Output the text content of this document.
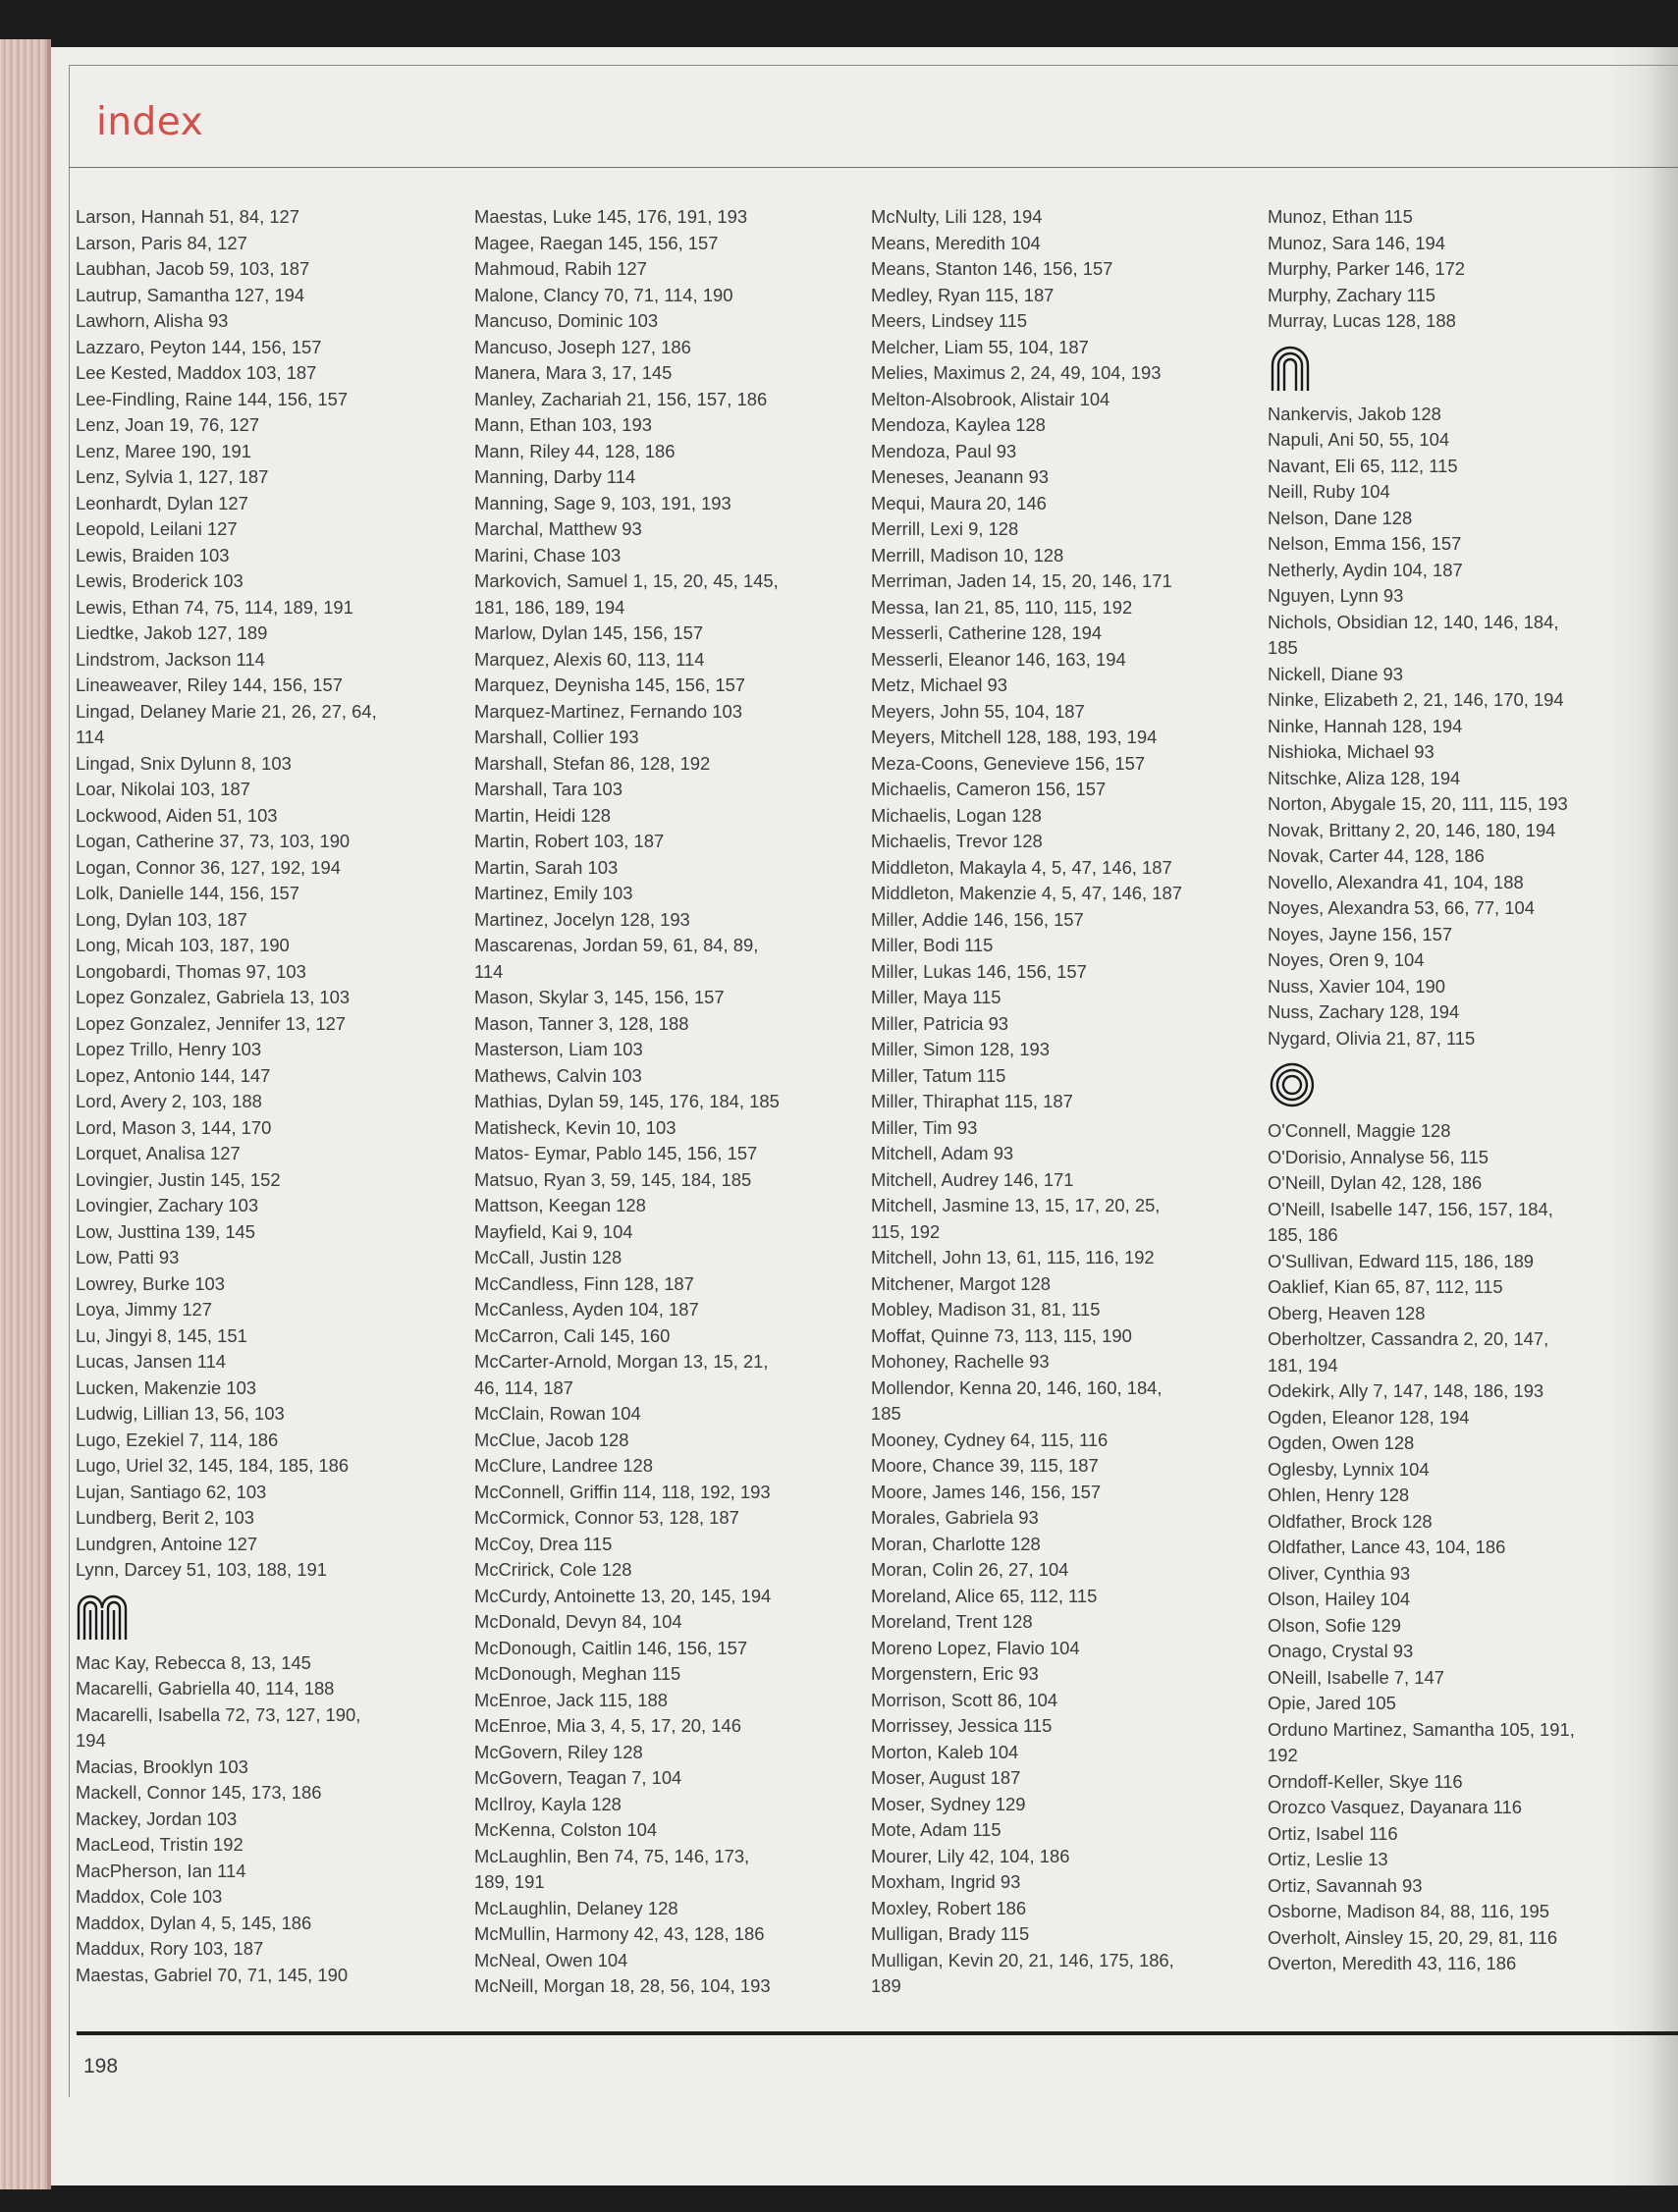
index
Larson, Hannah 51, 84, 127
Larson, Paris 84, 127
Laubhan, Jacob 59, 103, 187
Lautrup, Samantha 127, 194
Lawhorn, Alisha 93
Lazzaro, Peyton 144, 156, 157
Lee Kested, Maddox 103, 187
Lee-Findling, Raine 144, 156, 157
Lenz, Joan 19, 76, 127
Lenz, Maree 190, 191
Lenz, Sylvia 1, 127, 187
Leonhardt, Dylan 127
Leopold, Leilani 127
Lewis, Braiden 103
Lewis, Broderick 103
Lewis, Ethan 74, 75, 114, 189, 191
Liedtke, Jakob 127, 189
Lindstrom, Jackson 114
Lineaweaver, Riley 144, 156, 157
Lingad, Delaney Marie 21, 26, 27, 64,
114
Lingad, Snix Dylunn 8, 103
Loar, Nikolai 103, 187
Lockwood, Aiden 51, 103
Logan, Catherine 37, 73, 103, 190
Logan, Connor 36, 127, 192, 194
Lolk, Danielle 144, 156, 157
Long, Dylan 103, 187
Long, Micah 103, 187, 190
Longobardi, Thomas 97, 103
Lopez Gonzalez, Gabriela 13, 103
Lopez Gonzalez, Jennifer 13, 127
Lopez Trillo, Henry 103
Lopez, Antonio 144, 147
Lord, Avery 2, 103, 188
Lord, Mason 3, 144, 170
Lorquet, Analisa 127
Lovingier, Justin 145, 152
Lovingier, Zachary 103
Low, Justtina 139, 145
Low, Patti 93
Lowrey, Burke 103
Loya, Jimmy 127
Lu, Jingyi 8, 145, 151
Lucas, Jansen 114
Lucken, Makenzie 103
Ludwig, Lillian 13, 56, 103
Lugo, Ezekiel 7, 114, 186
Lugo, Uriel 32, 145, 184, 185, 186
Lujan, Santiago 62, 103
Lundberg, Berit 2, 103
Lundgren, Antoine 127
Lynn, Darcey 51, 103, 188, 191
Mac Kay, Rebecca 8, 13, 145
Macarelli, Gabriella 40, 114, 188
Macarelli, Isabella 72, 73, 127, 190,
194
Macias, Brooklyn 103
Mackell, Connor 145, 173, 186
Mackey, Jordan 103
MacLeod, Tristin 192
MacPherson, Ian 114
Maddox, Cole 103
Maddox, Dylan 4, 5, 145, 186
Maddux, Rory 103, 187
Maestas, Gabriel 70, 71, 145, 190
Maestas, Luke 145, 176, 191, 193
Magee, Raegan 145, 156, 157
Mahmoud, Rabih 127
Malone, Clancy 70, 71, 114, 190
Mancuso, Dominic 103
Mancuso, Joseph 127, 186
Manera, Mara 3, 17, 145
Manley, Zachariah 21, 156, 157, 186
Mann, Ethan 103, 193
Mann, Riley 44, 128, 186
Manning, Darby 114
Manning, Sage 9, 103, 191, 193
Marchal, Matthew 93
Marini, Chase 103
Markovich, Samuel 1, 15, 20, 45, 145,
181, 186, 189, 194
Marlow, Dylan 145, 156, 157
Marquez, Alexis 60, 113, 114
Marquez, Deynisha 145, 156, 157
Marquez-Martinez, Fernando 103
Marshall, Collier 193
Marshall, Stefan 86, 128, 192
Marshall, Tara 103
Martin, Heidi 128
Martin, Robert 103, 187
Martin, Sarah 103
Martinez, Emily 103
Martinez, Jocelyn 128, 193
Mascarenas, Jordan 59, 61, 84, 89,
114
Mason, Skylar 3, 145, 156, 157
Mason, Tanner 3, 128, 188
Masterson, Liam 103
Mathews, Calvin 103
Mathias, Dylan 59, 145, 176, 184, 185
Matisheck, Kevin 10, 103
Matos- Eymar, Pablo 145, 156, 157
Matsuo, Ryan 3, 59, 145, 184, 185
Mattson, Keegan 128
Mayfield, Kai 9, 104
McCall, Justin 128
McCandless, Finn 128, 187
McCanless, Ayden 104, 187
McCarron, Cali 145, 160
McCarter-Arnold, Morgan 13, 15, 21,
46, 114, 187
McClain, Rowan 104
McClue, Jacob 128
McClure, Landree 128
McConnell, Griffin 114, 118, 192, 193
McCormick, Connor 53, 128, 187
McCoy, Drea 115
McCririck, Cole 128
McCurdy, Antoinette 13, 20, 145, 194
McDonald, Devyn 84, 104
McDonough, Caitlin 146, 156, 157
McDonough, Meghan 115
McEnroe, Jack 115, 188
McEnroe, Mia 3, 4, 5, 17, 20, 146
McGovern, Riley 128
McGovern, Teagan 7, 104
McIlroy, Kayla 128
McKenna, Colston 104
McLaughlin, Ben 74, 75, 146, 173,
189, 191
McLaughlin, Delaney 128
McMullin, Harmony 42, 43, 128, 186
McNeal, Owen 104
McNeill, Morgan 18, 28, 56, 104, 193
McNulty, Lili 128, 194
Means, Meredith 104
Means, Stanton 146, 156, 157
Medley, Ryan 115, 187
Meers, Lindsey 115
Melcher, Liam 55, 104, 187
Melies, Maximus 2, 24, 49, 104, 193
Melton-Alsobrook, Alistair 104
Mendoza, Kaylea 128
Mendoza, Paul 93
Meneses, Jeanann 93
Mequi, Maura 20, 146
Merrill, Lexi 9, 128
Merrill, Madison 10, 128
Merriman, Jaden 14, 15, 20, 146, 171
Messa, Ian 21, 85, 110, 115, 192
Messerli, Catherine 128, 194
Messerli, Eleanor 146, 163, 194
Metz, Michael 93
Meyers, John 55, 104, 187
Meyers, Mitchell 128, 188, 193, 194
Meza-Coons, Genevieve 156, 157
Michaelis, Cameron 156, 157
Michaelis, Logan 128
Michaelis, Trevor 128
Middleton, Makayla 4, 5, 47, 146, 187
Middleton, Makenzie 4, 5, 47, 146, 187
Miller, Addie 146, 156, 157
Miller, Bodi 115
Miller, Lukas 146, 156, 157
Miller, Maya 115
Miller, Patricia 93
Miller, Simon 128, 193
Miller, Tatum 115
Miller, Thiraphat 115, 187
Miller, Tim 93
Mitchell, Adam 93
Mitchell, Audrey 146, 171
Mitchell, Jasmine 13, 15, 17, 20, 25,
115, 192
Mitchell, John 13, 61, 115, 116, 192
Mitchener, Margot 128
Mobley, Madison 31, 81, 115
Moffat, Quinne 73, 113, 115, 190
Mohoney, Rachelle 93
Mollendor, Kenna 20, 146, 160, 184,
185
Mooney, Cydney 64, 115, 116
Moore, Chance 39, 115, 187
Moore, James 146, 156, 157
Morales, Gabriela 93
Moran, Charlotte 128
Moran, Colin 26, 27, 104
Moreland, Alice 65, 112, 115
Moreland, Trent 128
Moreno Lopez, Flavio 104
Morgenstern, Eric 93
Morrison, Scott 86, 104
Morrissey, Jessica 115
Morton, Kaleb 104
Moser, August 187
Moser, Sydney 129
Mote, Adam 115
Mourer, Lily 42, 104, 186
Moxham, Ingrid 93
Moxley, Robert 186
Mulligan, Brady 115
Mulligan, Kevin 20, 21, 146, 175, 186,
189
Munoz, Ethan 115
Munoz, Sara 146, 194
Murphy, Parker 146, 172
Murphy, Zachary 115
Murray, Lucas 128, 188
Nankervis, Jakob 128
Napuli, Ani 50, 55, 104
Navant, Eli 65, 112, 115
Neill, Ruby 104
Nelson, Dane 128
Nelson, Emma 156, 157
Netherly, Aydin 104, 187
Nguyen, Lynn 93
Nichols, Obsidian 12, 140, 146, 184,
185
Nickell, Diane 93
Ninke, Elizabeth 2, 21, 146, 170, 194
Ninke, Hannah 128, 194
Nishioka, Michael 93
Nitschke, Aliza 128, 194
Norton, Abygale 15, 20, 111, 115, 193
Novak, Brittany 2, 20, 146, 180, 194
Novak, Carter 44, 128, 186
Novello, Alexandra 41, 104, 188
Noyes, Alexandra 53, 66, 77, 104
Noyes, Jayne 156, 157
Noyes, Oren 9, 104
Nuss, Xavier 104, 190
Nuss, Zachary 128, 194
Nygard, Olivia 21, 87, 115
O'Connell, Maggie 128
O'Dorisio, Annalyse 56, 115
O'Neill, Dylan 42, 128, 186
O'Neill, Isabelle 147, 156, 157, 184,
185, 186
O'Sullivan, Edward 115, 186, 189
Oaklief, Kian 65, 87, 112, 115
Oberg, Heaven 128
Oberholtzer, Cassandra 2, 20, 147,
181, 194
Odekirk, Ally 7, 147, 148, 186, 193
Ogden, Eleanor 128, 194
Ogden, Owen 128
Oglesby, Lynnix 104
Ohlen, Henry 128
Oldfather, Brock 128
Oldfather, Lance 43, 104, 186
Oliver, Cynthia 93
Olson, Hailey 104
Olson, Sofie 129
Onago, Crystal 93
ONeill, Isabelle 7, 147
Opie, Jared 105
Orduno Martinez, Samantha 105, 191,
192
Orndoff-Keller, Skye 116
Orozco Vasquez, Dayanara 116
Ortiz, Isabel 116
Ortiz, Leslie 13
Ortiz, Savannah 93
Osborne, Madison 84, 88, 116, 195
Overholt, Ainsley 15, 20, 29, 81, 116
Overton, Meredith 43, 116, 186
198
